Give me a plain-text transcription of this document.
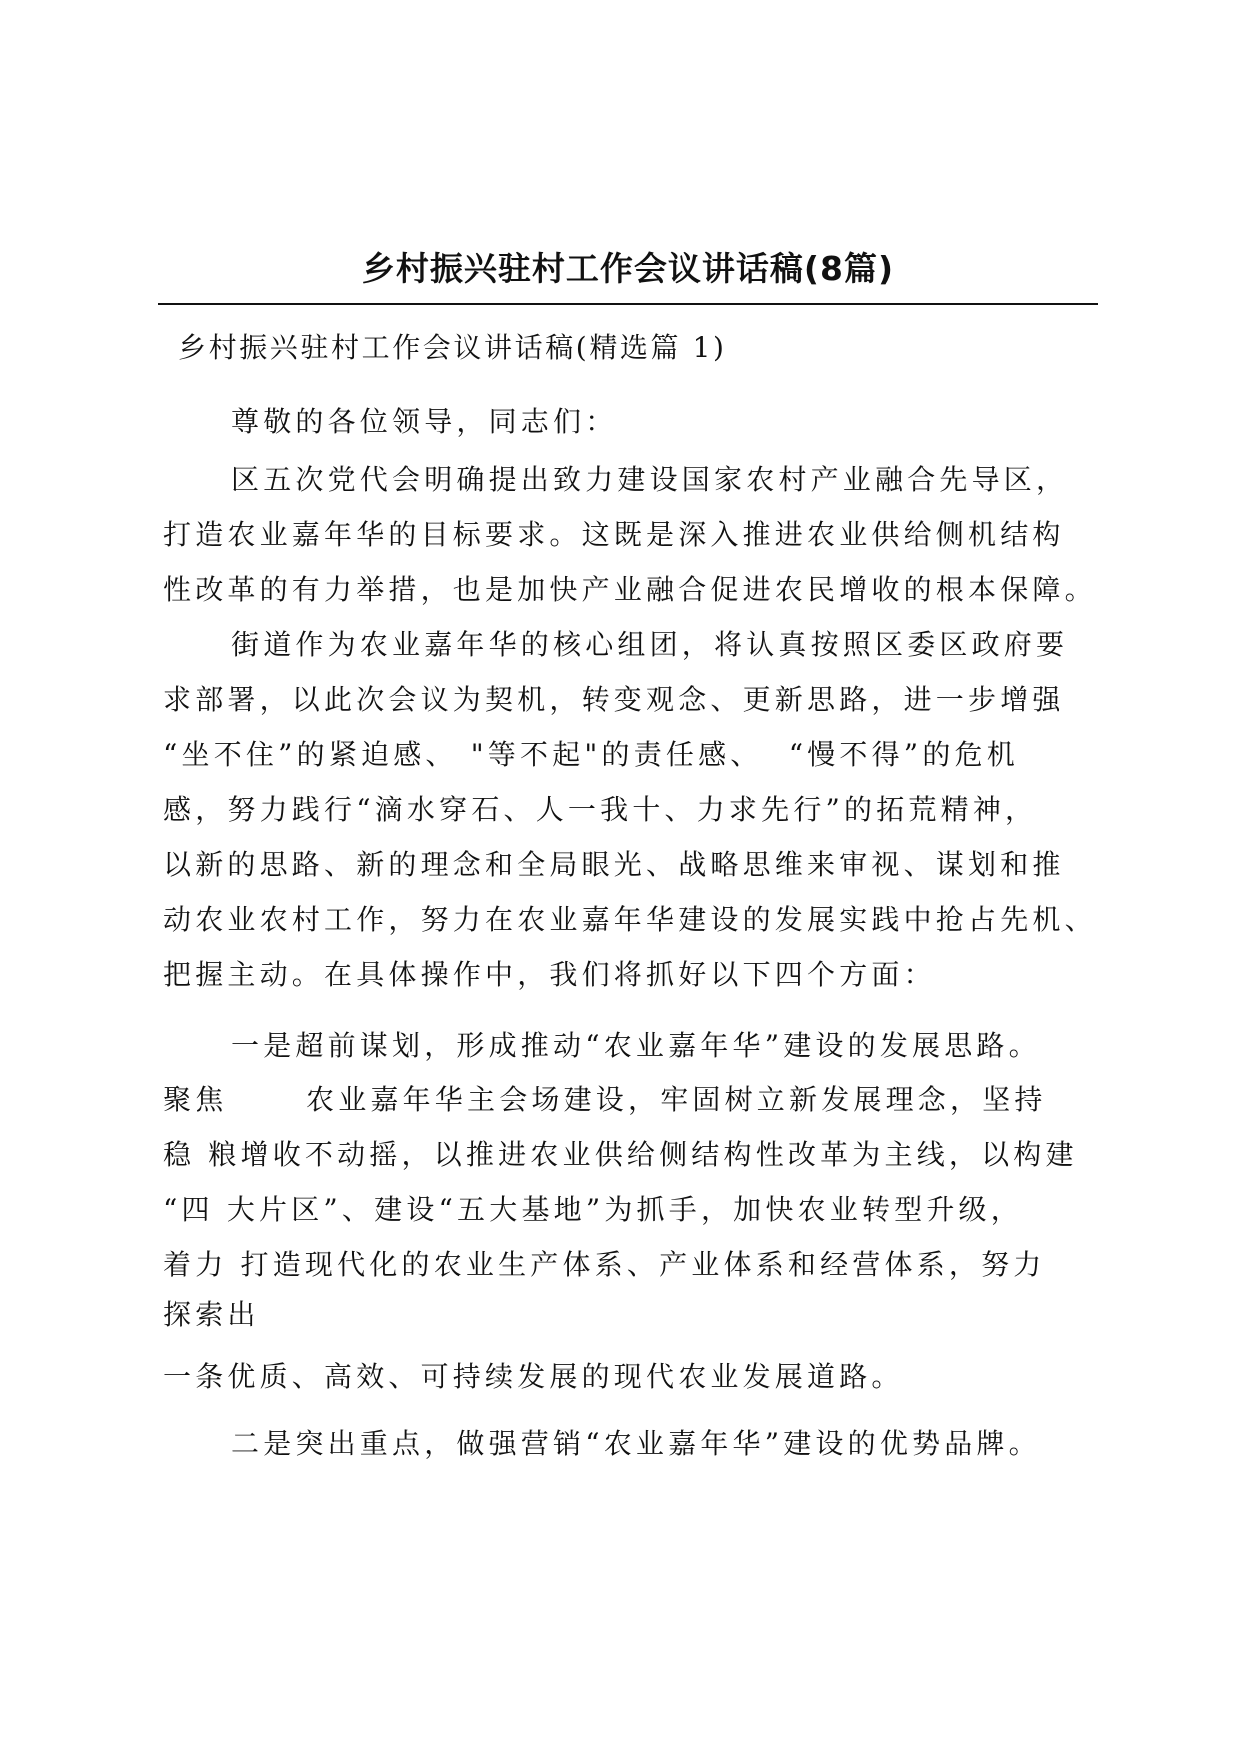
乡村振兴驻村工作会议讲话稿(8篇)
乡村振兴驻村工作会议讲话稿(精选篇 1)
尊敬的各位领导，同志们：
区五次党代会明确提出致力建设国家农村产业融合先导区，
打造农业嘉年华的目标要求。这既是深入推进农业供给侧机结构
性改革的有力举措，也是加快产业融合促进农民增收的根本保障。
街道作为农业嘉年华的核心组团，将认真按照区委区政府要
求部署，以此次会议为契机，转变观念、更新思路，进一步增强
“坐不住”的紧迫感、 "等不起"的责任感、  “慢不得”的危机
感，努力践行“滴水穿石、人一我十、力求先行”的拓荒精神，
以新的思路、新的理念和全局眼光、战略思维来审视、谋划和推
动农业农村工作，努力在农业嘉年华建设的发展实践中抢占先机、
把握主动。在具体操作中，我们将抓好以下四个方面：
一是超前谋划，形成推动“农业嘉年华”建设的发展思路。
聚焦      农业嘉年华主会场建设，牢固树立新发展理念，坚持
稳 粮增收不动摇，以推进农业供给侧结构性改革为主线，以构建
“四 大片区”、建设“五大基地”为抓手，加快农业转型升级，
着力 打造现代化的农业生产体系、产业体系和经营体系，努力
探索出
一条优质、高效、可持续发展的现代农业发展道路。
二是突出重点，做强营销“农业嘉年华”建设的优势品牌。
